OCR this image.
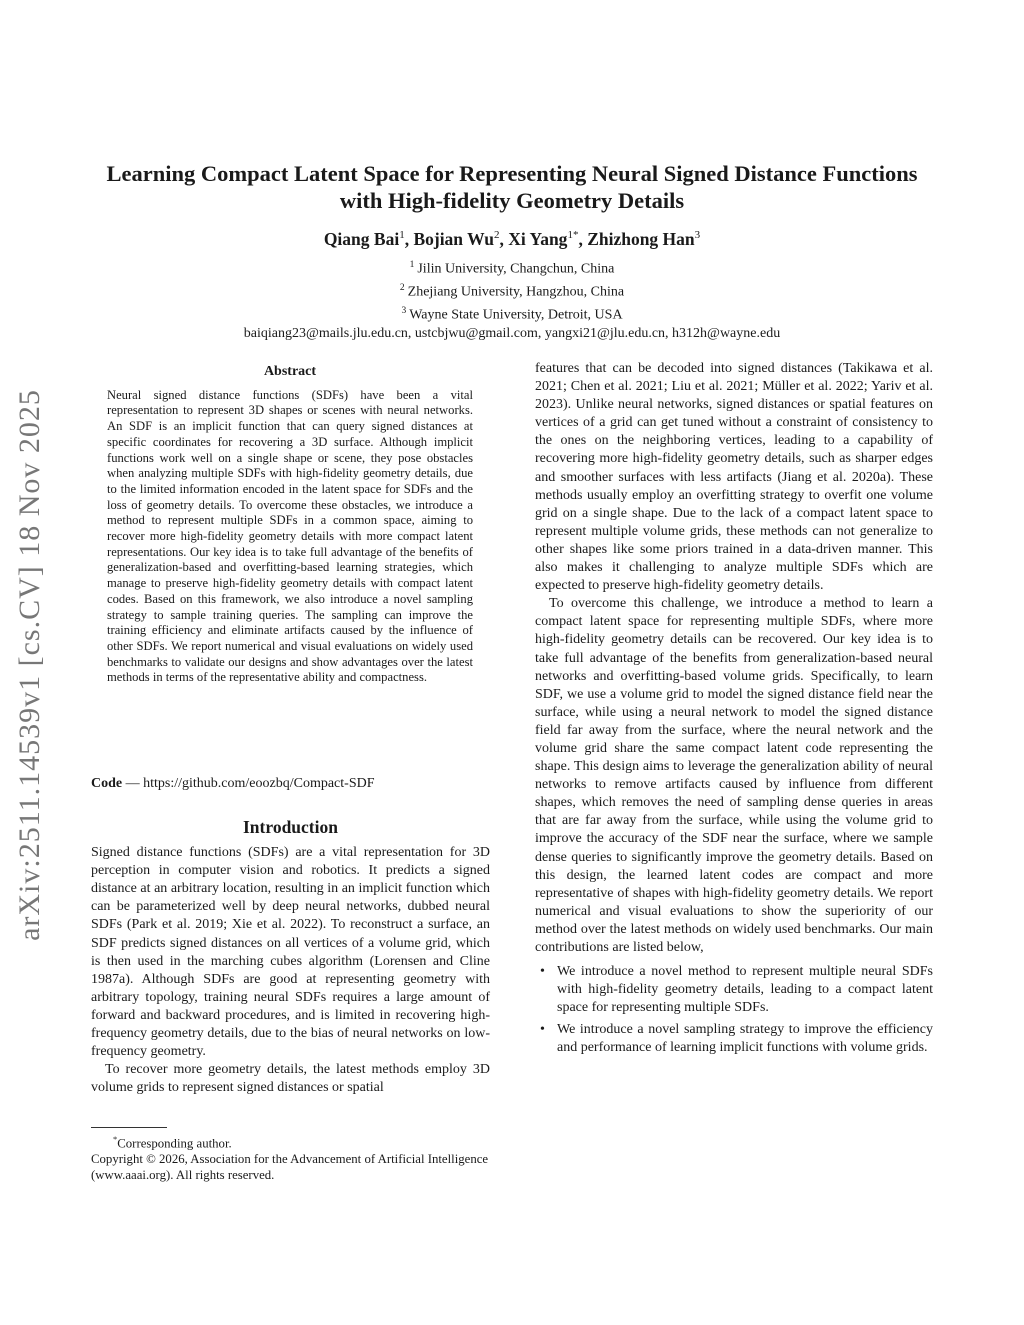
arXiv:2511.14539v1 [cs.CV] 18 Nov 2025
Learning Compact Latent Space for Representing Neural Signed Distance Functions with High-fidelity Geometry Details
Qiang Bai$^1$, Bojian Wu$^2$, Xi Yang$^{1*}$, Zhizhong Han$^3$
$^1$ Jilin University, Changchun, China
$^2$ Zhejiang University, Hangzhou, China
$^3$ Wayne State University, Detroit, USA
baiqiang23@mails.jlu.edu.cn, ustcbjwu@gmail.com, yangxi21@jlu.edu.cn, h312h@wayne.edu
Abstract

Neural signed distance functions (SDFs) have been a vital representation to represent 3D shapes or scenes with neural networks. An SDF is an implicit function that can query signed distances at specific coordinates for recovering a 3D surface. Although implicit functions work well on a single shape or scene, they pose obstacles when analyzing multiple SDFs with high-fidelity geometry details, due to the limited information encoded in the latent space for SDFs and the loss of geometry details. To overcome these obstacles, we introduce a method to represent multiple SDFs in a common space, aiming to recover more high-fidelity geometry details with more compact latent representations. Our key idea is to take full advantage of the benefits of generalization-based and overfitting-based learning strategies, which manage to preserve high-fidelity geometry details with compact latent codes. Based on this framework, we also introduce a novel sampling strategy to sample training queries. The sampling can improve the training efficiency and eliminate artifacts caused by the influence of other SDFs. We report numerical and visual evaluations on widely used benchmarks to validate our designs and show advantages over the latest methods in terms of the representative ability and compactness.

Code — https://github.com/eoozbq/Compact-SDF
Introduction

Signed distance functions (SDFs) are a vital representation for 3D perception in computer vision and robotics. It predicts a signed distance at an arbitrary location, resulting in an implicit function which can be parameterized well by deep neural networks, dubbed neural SDFs (Park et al. 2019; Xie et al. 2022). To reconstruct a surface, an SDF predicts signed distances on all vertices of a volume grid, which is then used in the marching cubes algorithm (Lorensen and Cline 1987a). Although SDFs are good at representing geometry with arbitrary topology, training neural SDFs requires a large amount of forward and backward procedures, and is limited in recovering high-frequency geometry details, due to the bias of neural networks on low-frequency geometry.

To recover more geometry details, the latest methods employ 3D volume grids to represent signed distances or spatial

*Corresponding author.
Copyright © 2026, Association for the Advancement of Artificial Intelligence (www.aaai.org). All rights reserved.

features that can be decoded into signed distances (Takikawa et al. 2021; Chen et al. 2021; Liu et al. 2021; Müller et al. 2022; Yariv et al. 2023). Unlike neural networks, signed distances or spatial features on vertices of a grid can get tuned without a constraint of consistency to the ones on the neighboring vertices, leading to a capability of recovering more high-fidelity geometry details, such as sharper edges and smoother surfaces with less artifacts (Jiang et al. 2020a). These methods usually employ an overfitting strategy to overfit one volume grid on a single shape. Due to the lack of a compact latent space to represent multiple volume grids, these methods can not generalize to other shapes like some priors trained in a data-driven manner. This also makes it challenging to analyze multiple SDFs which are expected to preserve high-fidelity geometry details.

To overcome this challenge, we introduce a method to learn a compact latent space for representing multiple SDFs, where more high-fidelity geometry details can be recovered. Our key idea is to take full advantage of the benefits from generalization-based neural networks and overfitting-based volume grids. Specifically, to learn SDF, we use a volume grid to model the signed distance field near the surface, while using a neural network to model the signed distance field far away from the surface, where the neural network and the volume grid share the same compact latent code representing the shape. This design aims to leverage the generalization ability of neural networks to remove artifacts caused by influence from different shapes, which removes the need of sampling dense queries in areas that are far away from the surface, while using the volume grid to improve the accuracy of the SDF near the surface, where we sample dense queries to significantly improve the geometry details. Based on this design, the learned latent codes are compact and more representative of shapes with high-fidelity geometry details. We report numerical and visual evaluations to show the superiority of our method over the latest methods on widely used benchmarks. Our main contributions are listed below,

• We introduce a novel method to represent multiple neural SDFs with high-fidelity geometry details, leading to a compact latent space for representing multiple SDFs.
• We introduce a novel sampling strategy to improve the efficiency and performance of learning implicit functions with volume grids.
